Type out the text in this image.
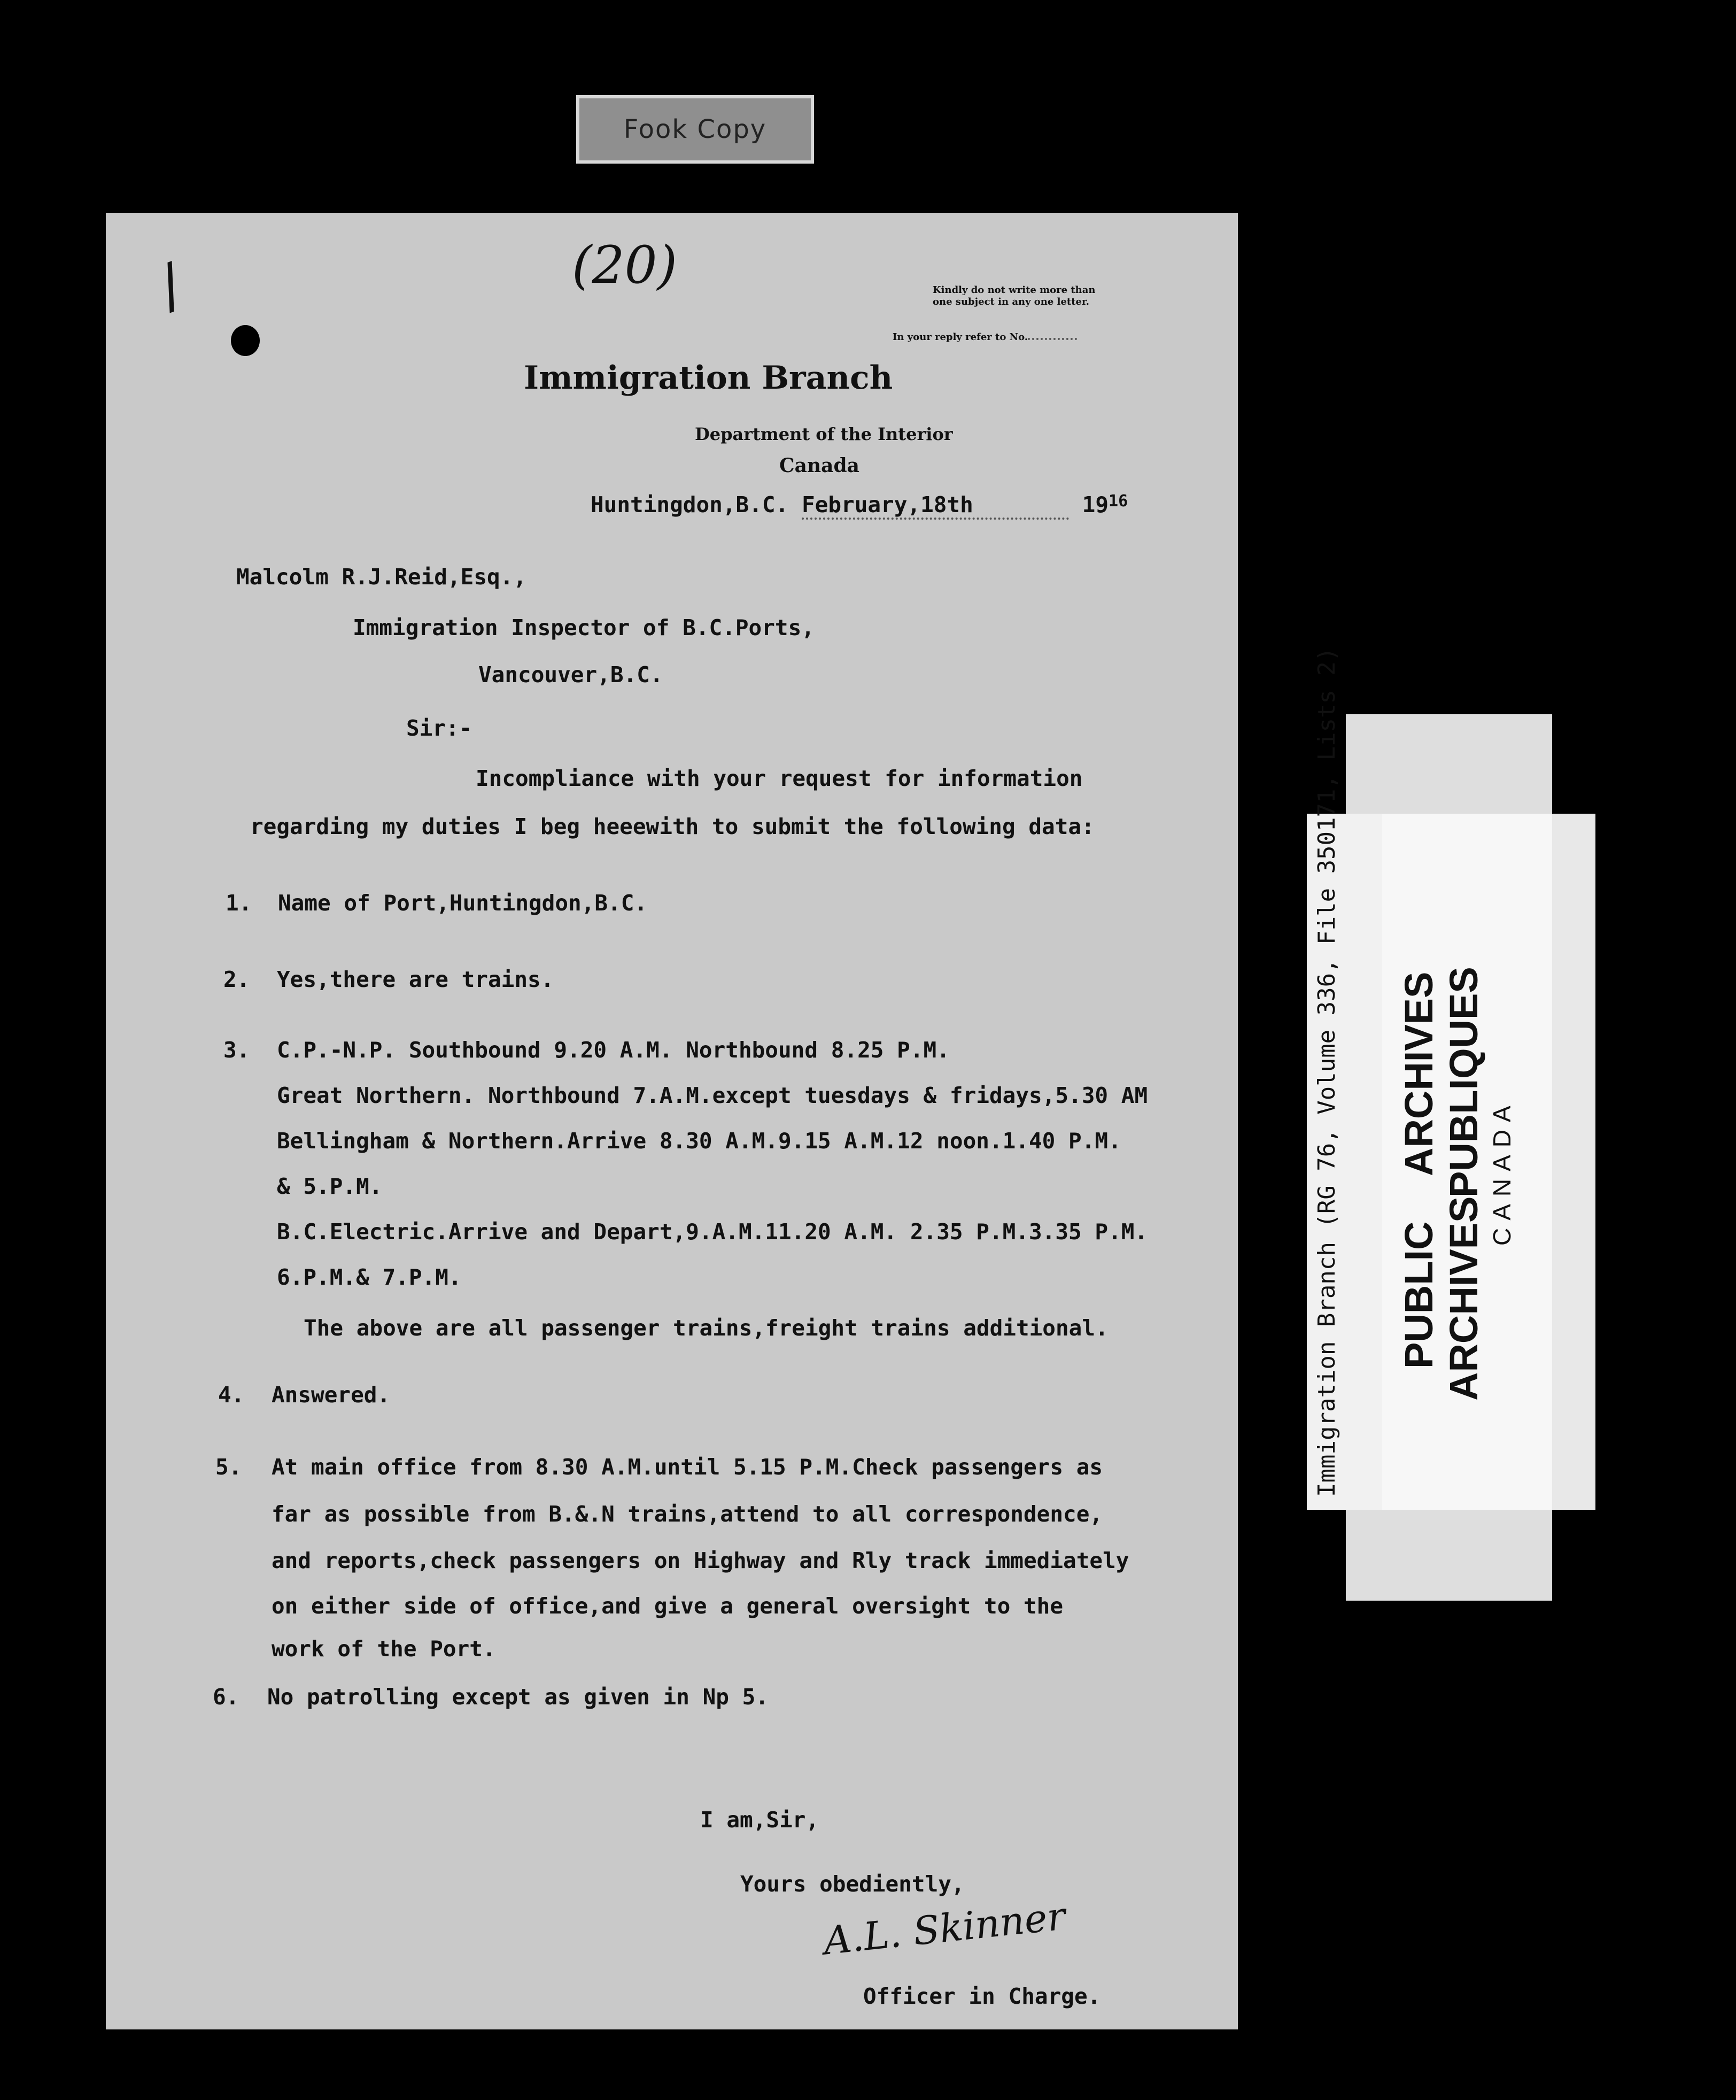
Fook Copy
/	(20)	Kindly do not write more than
one subject in any one letter.
In your reply refer to No.
Immigration Branch
Department of the Interior
Canada
Huntingdon,B.C. February,18th	$19^{16}$
Malcolm R.J.Reid,Esq.,
Immigration Inspector of B.C.Ports,
Vancouver,B.C.
Sir:-
Incompliance with your request for information
regarding my duties I beg heeewith to submit the following data:
1. Name of Port,Huntingdon,B.C.
2. Yes,there are trains.
3. C.P.-N.P. Southbound 9.20 A.M. Northbound 8.25 P.M.
Great Northern. Northbound 7.A.M.except tuesdays & fridays,5.30 AM
Bellingham & Northern.Arrive 8.30 A.M.9.15 A.M.12 noon.1.40 P.M.
& 5.P.M.
B.C.Electric.Arrive and Depart,9.A.M.11.20 A.M. 2.35 P.M.3.35 P.M.
6.P.M.& 7.P.M.
The above are all passenger trains,freight trains additional.
4. Answered.
5. At main office from 8.30 A.M.until 5.15 P.M.Check passengers as
far as possible from B.&.N trains,attend to all correspondence,
and reports,check passengers on Highway and Rly track immediately
on either side of office,and give a general oversight to the
work of the Port.
6. No patrolling except as given in Np 5.
I am,Sir,
Yours obediently,
A.L. Skinner
Officer in Charge.
Immigration Branch (RG 76, Volume 336, File 350171, Lists 2) PUBLIC
ARCHIVES
ARCHIVES
PUBLIQUES CANADA
